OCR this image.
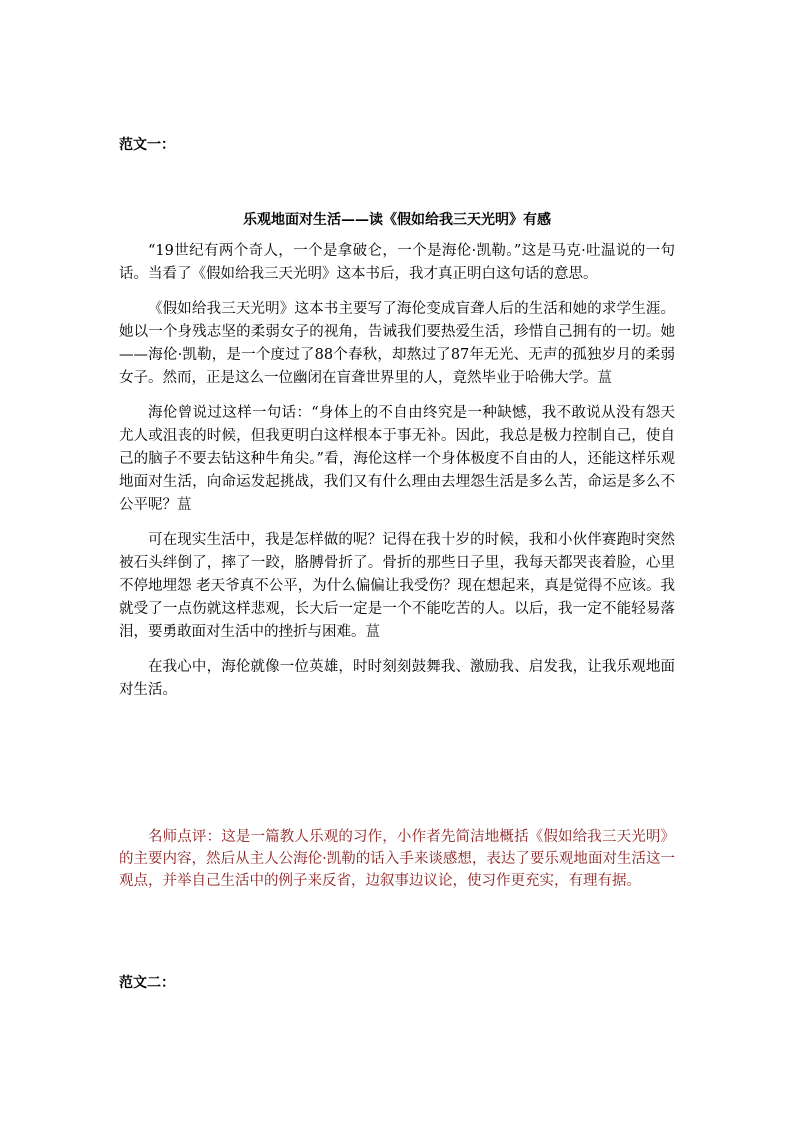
范文一：

乐观地面对生活——读《假如给我三天光明》有感

“19世纪有两个奇人，一个是拿破仑，一个是海伦·凯勒。”这是马克·吐温说的一句话。当看了《假如给我三天光明》这本书后，我才真正明白这句话的意思。

《假如给我三天光明》这本书主要写了海伦变成盲聋人后的生活和她的求学生涯。她以一个身残志坚的柔弱女子的视角，告诫我们要热爱生活，珍惜自己拥有的一切。她——海伦·凯勒，是一个度过了88个春秋，却熬过了87年无光、无声的孤独岁月的柔弱女子。然而，正是这么一位幽闭在盲聋世界里的人，竟然毕业于哈佛大学。蒀

海伦曾说过这样一句话：“身体上的不自由终究是一种缺憾，我不敢说从没有怨天尤人或沮丧的时候，但我更明白这样根本于事无补。因此，我总是极力控制自己，使自己的脑子不要去钻这种牛角尖。”看，海伦这样一个身体极度不自由的人，还能这样乐观地面对生活，向命运发起挑战，我们又有什么理由去埋怨生活是多么苦，命运是多么不公平呢？蒀

可在现实生活中，我是怎样做的呢？记得在我十岁的时候，我和小伙伴赛跑时突然被石头绊倒了，摔了一跤，胳膊骨折了。骨折的那些日子里，我每天都哭丧着脸，心里不停地埋怨 老天爷真不公平，为什么偏偏让我受伤？现在想起来，真是觉得不应该。我就受了一点伤就这样悲观，长大后一定是一个不能吃苦的人。以后，我一定不能轻易落泪，要勇敢面对生活中的挫折与困难。蒀

在我心中，海伦就像一位英雄，时时刻刻鼓舞我、激励我、启发我，让我乐观地面对生活。

名师点评：这是一篇教人乐观的习作，小作者先简洁地概括《假如给我三天光明》的主要内容，然后从主人公海伦·凯勒的话入手来谈感想，表达了要乐观地面对生活这一观点，并举自己生活中的例子来反省，边叙事边议论，使习作更充实，有理有据。

范文二：
